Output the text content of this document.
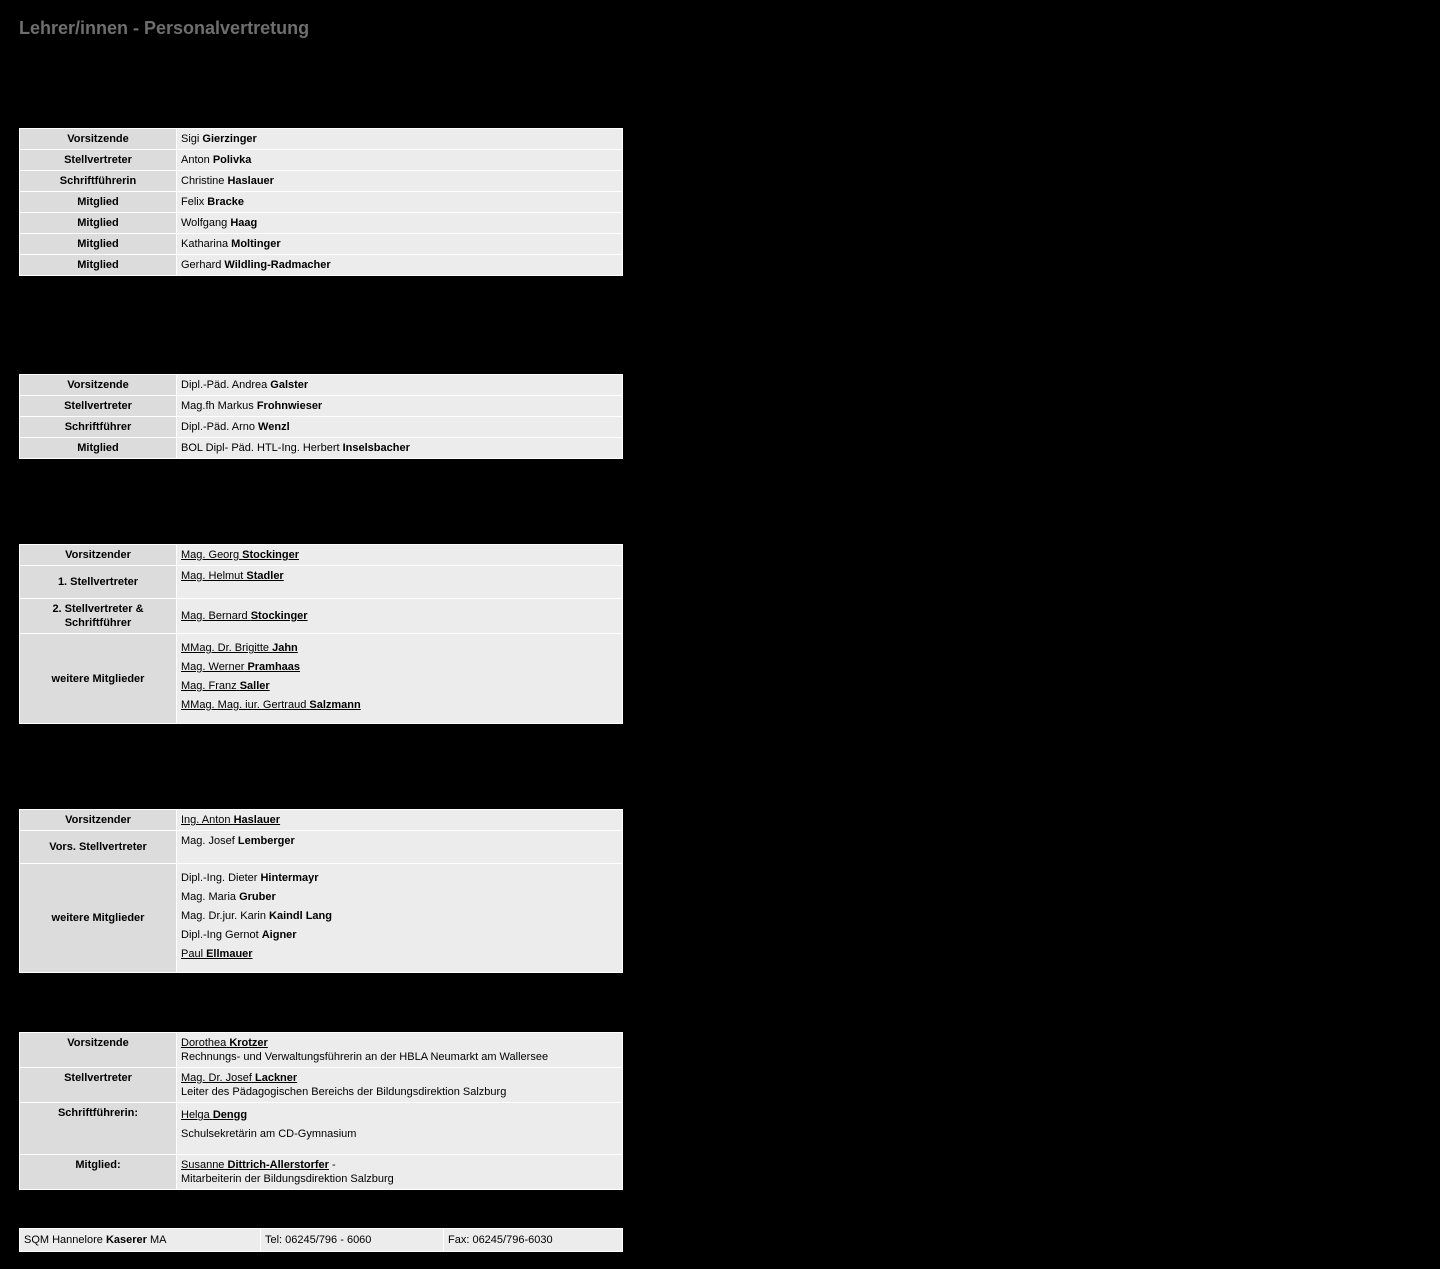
Lehrer/innen - Personalvertretung
Vorsitzende	Sigi Gierzinger
Stellvertreter	Anton Polivka
Schriftführerin	Christine Haslauer
Mitglied	Felix Bracke
Mitglied	Wolfgang Haag
Mitglied	Katharina Moltinger
Mitglied	Gerhard Wildling-Radmacher
Vorsitzende	Dipl.-Päd. Andrea Galster
Stellvertreter	Mag.fh Markus Frohnwieser
Schriftführer	Dipl.-Päd. Arno Wenzl
Mitglied	BOL Dipl- Päd. HTL-Ing. Herbert Inselsbacher
Vorsitzender	Mag. Georg Stockinger
1. Stellvertreter	Mag. Helmut Stadler
2. Stellvertreter & Schriftführer	Mag. Bernard Stockinger
weitere Mitglieder	MMag. Dr. Brigitte Jahn
Mag. Werner Pramhaas
Mag. Franz Saller
MMag. Mag. iur. Gertraud Salzmann
Vorsitzender	Ing. Anton Haslauer
Vors. Stellvertreter	Mag. Josef Lemberger
weitere Mitglieder	Dipl.-Ing. Dieter Hintermayr
Mag. Maria Gruber
Mag. Dr.jur. Karin Kaindl Lang
Dipl.-Ing Gernot Aigner
Paul Ellmauer
Vorsitzende	Dorothea Krotzer
Rechnungs- und Verwaltungsführerin an der HBLA Neumarkt am Wallersee
Stellvertreter	Mag. Dr. Josef Lackner
Leiter des Pädagogischen Bereichs der Bildungsdirektion Salzburg
Schriftführerin:	Helga Dengg
Schulsekretärin am CD-Gymnasium

Mitglied:	Susanne Dittrich-Allerstorfer -
Mitarbeiterin der Bildungsdirektion Salzburg
SQM Hannelore Kaserer MA	Tel: 06245/796 - 6060	Fax: 06245/796-6030
